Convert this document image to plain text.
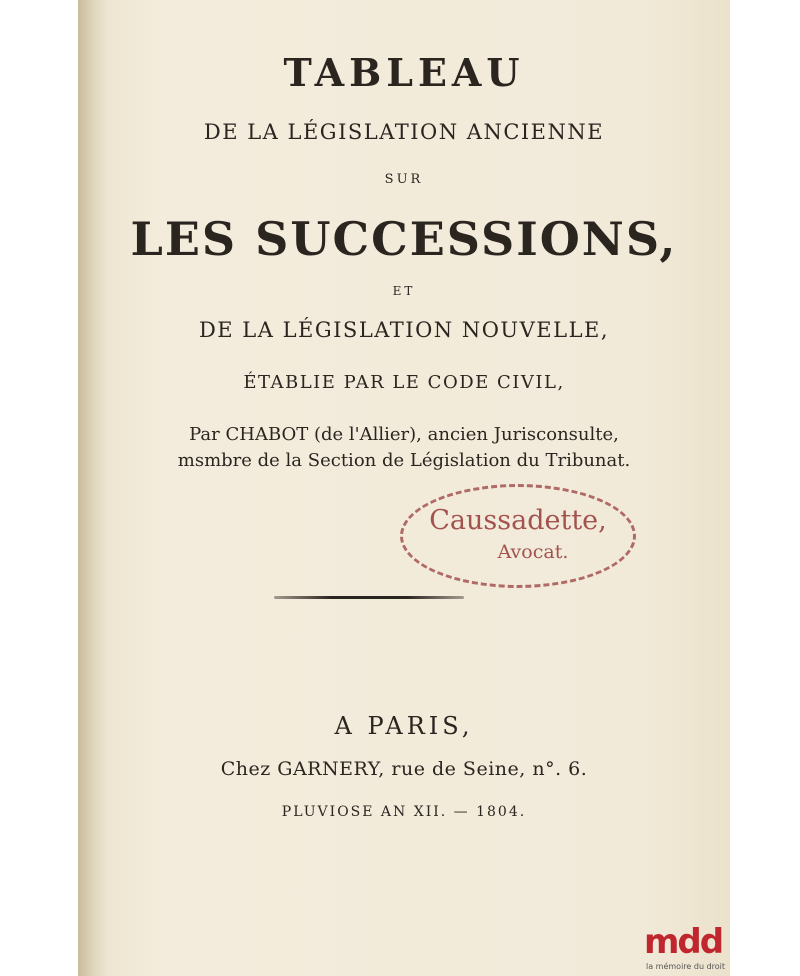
TABLEAU
DE LA LÉGISLATION ANCIENNE
SUR
LES SUCCESSIONS,
ET
DE LA LÉGISLATION NOUVELLE,
ÉTABLIE PAR LE CODE CIVIL,
Par CHABOT (de l'Allier), ancien Jurisconsulte,
msmbre de la Section de Législation du Tribunat.
Caussadette,
Avocat.
A PARIS,
Chez GARNERY, rue de Seine, n°. 6.
PLUVIOSE AN XII. — 1804.
mdd
la mémoire du droit
